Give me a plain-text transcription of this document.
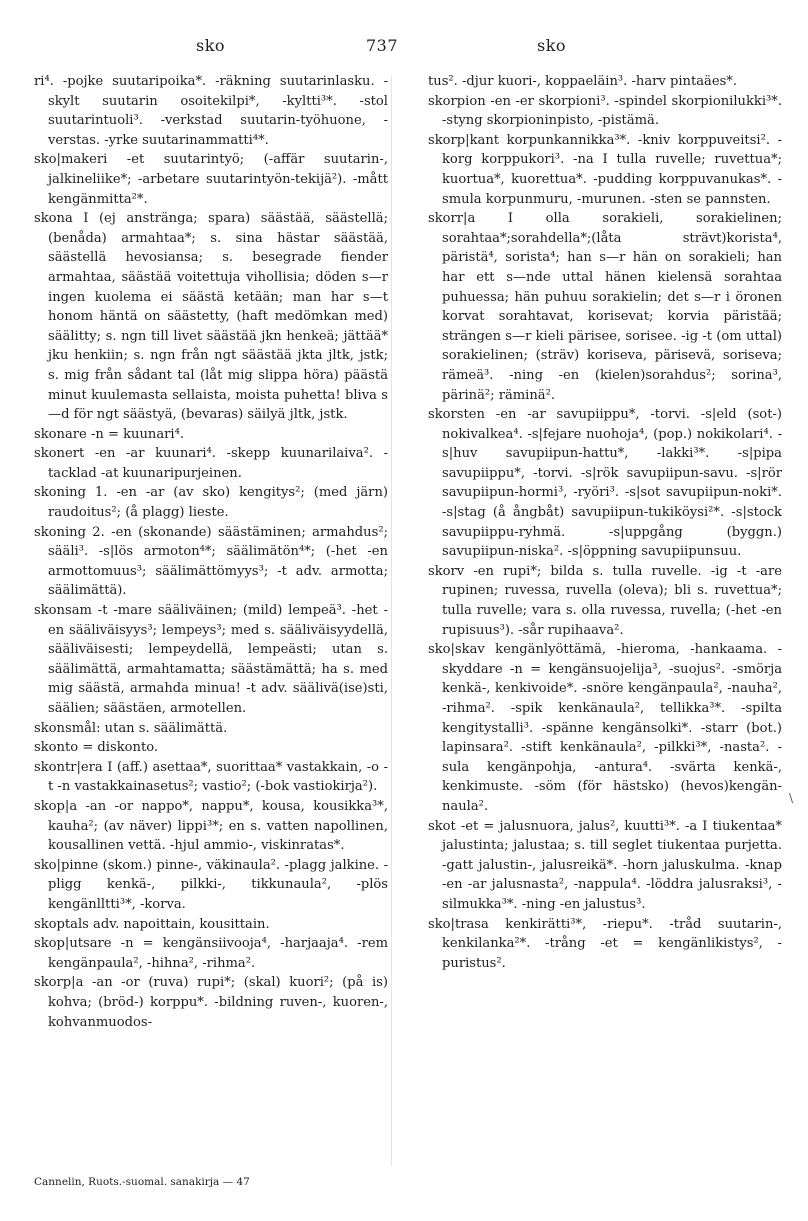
sko	737	sko

ri⁴. -pojke suutaripoika*. -räkning suutarinlasku. -skylt suutarin osoitekilpi*, -kyltti³*. -stol suutarintuoli³. -verkstad suutarin-työhuone, -verstas. -yrke suutarinammatti⁴*.

sko|makeri -et suutarintyö; (-affär suutarin-, jalkineliike*; -arbetare suutarintyön-tekijä²). -mått kengänmitta²*.

skona I (ej anstränga; spara) säästää, säästellä; (benåda) armahtaa*; s. sina hästar säästää, säästellä hevosiansa; s. besegrade fiender armahtaa, säästää voitettuja vihollisia; döden s—r ingen kuolema ei säästä ketään; man har s—t honom häntä on säästetty, (haft medömkan med) säälitty; s. ngn till livet säästää jkn henkeä; jättää* jku henkiin; s. ngn från ngt säästää jkta jltk, jstk; s. mig från sådant tal (låt mig slippa höra) päästä minut kuulemasta sellaista, moista puhetta! bliva s—d för ngt säästyä, (bevaras) säilyä jltk, jstk.

skonare -n = kuunari⁴.

skonert -en -ar kuunari⁴. -skepp kuunarilaiva². -tacklad -at kuunaripurjeinen.

skoning 1. -en -ar (av sko) kengitys²; (med järn) raudoitus²; (å plagg) lieste.

skoning 2. -en (skonande) säästäminen; armahdus²; sääli³. -s|lös armoton⁴*; säälimätön⁴*; (-het -en armottomuus³; säälimättömyys³; -t adv. armotta; säälimättä).

skonsam -t -mare sääliväinen; (mild) lempeä³. -het -en sääliväisyys³; lempeys³; med s. sääliväisyydellä, sääliväisesti; lempeydellä, lempeästi; utan s. säälimättä, armahtamatta; säästämättä; ha s. med mig säästä, armahda minua! -t adv. säälivä(ise)sti, säälien; säästäen, armotellen.

skonsmål: utan s. säälimättä.

skonto = diskonto.

skontr|era I (aff.) asettaa*, suorittaa* vastakkain, -o -t -n vastakkainasetus²; vastio²; (-bok vastiokirja²).

skop|a -an -or nappo*, nappu*, kousa, kousikka³*, kauha²; (av näver) lippi³*; en s. vatten napollinen, kousallinen vettä. -hjul ammio-, viskinratas*.

sko|pinne (skom.) pinne-, väkinaula². -plagg jalkine. -pligg kenkä-, pilkki-, tikkunaula², -plös kengänlltti³*, -korva.

skoptals adv. napoittain, kousittain.

skop|utsare -n = kengänsiivooja⁴, -harjaaja⁴. -rem kengänpaula², -hihna², -rihma².

skorp|a -an -or (ruva) rupi*; (skal) kuori²; (på is) kohva; (bröd-) korppu*. -bildning ruven-, kuoren-, kohvanmuodos-

tus². -djur kuori-, koppaeläin³. -harv pintaäes*.

skorpion -en -er skorpioni³. -spindel skorpionilukki³*. -styng skorpioninpisto, -pistämä.

skorp|kant korpunkannikka³*. -kniv korppuveitsi². -korg korppukori³. -na I tulla ruvelle; ruvettua*; kuortua*, kuorettua*. -pudding korppuvanukas*. -smula korpunmuru, -murunen. -sten se pannsten.

skorr|a I olla sorakieli, sorakielinen; sorahtaa*;sorahdella*;(låta strävt)koristа⁴, päristä⁴, soristа⁴; han s—r hän on sorakieli; han har ett s—nde uttal hänen kielensä sorahtaa puhuessa; hän puhuu sorakielin; det s—r i öronen korvat sorahtavat, korisevat; korvia päristää; strängen s—r kieli pärisee, sorisee. -ig -t (om uttal) sorakielinen; (sträv) koriseva, pärisevä, soriseva; rämeä³. -ning -en (kielen)sorahdus²; sorina³, pärinä²; räminä².

skorsten -en -ar savupiippu*, -torvi. -s|eld (sot-) nokivalkea⁴. -s|fejare nuohoja⁴, (pop.) nokikolari⁴. -s|huv savupiipun-hattu*, -lakki³*. -s|pipa savupiippu*, -torvi. -s|rök savupiipun-savu. -s|rör savupiipun-hormi³, -ryöri³. -s|sot savupiipun-noki*. -s|stag (å ångbåt) savupiipun-tukiköysi²*. -s|stock savupiippu-ryhmä. -s|uppgång (byggn.) savupiipun-niska². -s|öppning savupiipunsuu.

skorv -en rupi*; bilda s. tulla ruvelle. -ig -t -are rupinen; ruvessa, ruvella (oleva); bli s. ruvettua*; tulla ruvelle; vara s. olla ruvessa, ruvella; (-het -en rupisuus³). -sår rupihaava².

sko|skav kengänlyöttämä, -hieroma, -hankaama. -skyddare -n = kengänsuojelija³, -suojus². -smörja kenkä-, kenkivoide*. -snöre kengänpaula², -nauha², -rihma². -spik kenkänaula², tellikka³*. -spilta kengitystalli³. -spänne kengänsolki*. -starr (bot.) lapinsara². -stift kenkänaula², -pilkki³*, -nasta². -sula kengänpohja, -antura⁴. -svärta kenkä-, kenkimuste. -söm (för hästsko) (hevos)kengän-naula².

skot -et = jalusnuora, jalus², kuutti³*. -a I tiukentaa* jalustinta; jalustaa; s. till seglet tiukentaa purjetta. -gatt jalustin-, jalusreikä*. -horn jaluskulma. -knap -en -ar jalusnasta², -nappula⁴. -löddra jalusraksi³, -silmukka³*. -ning -en jalustus³.

sko|trasa kenkirätti³*, -riepu*. -tråd suutarin-, kenkilanka²*. -trång -et = kengänlikistys², -puristus².

\
Cannelin, Ruots.-suomal. sanakirja — 47
